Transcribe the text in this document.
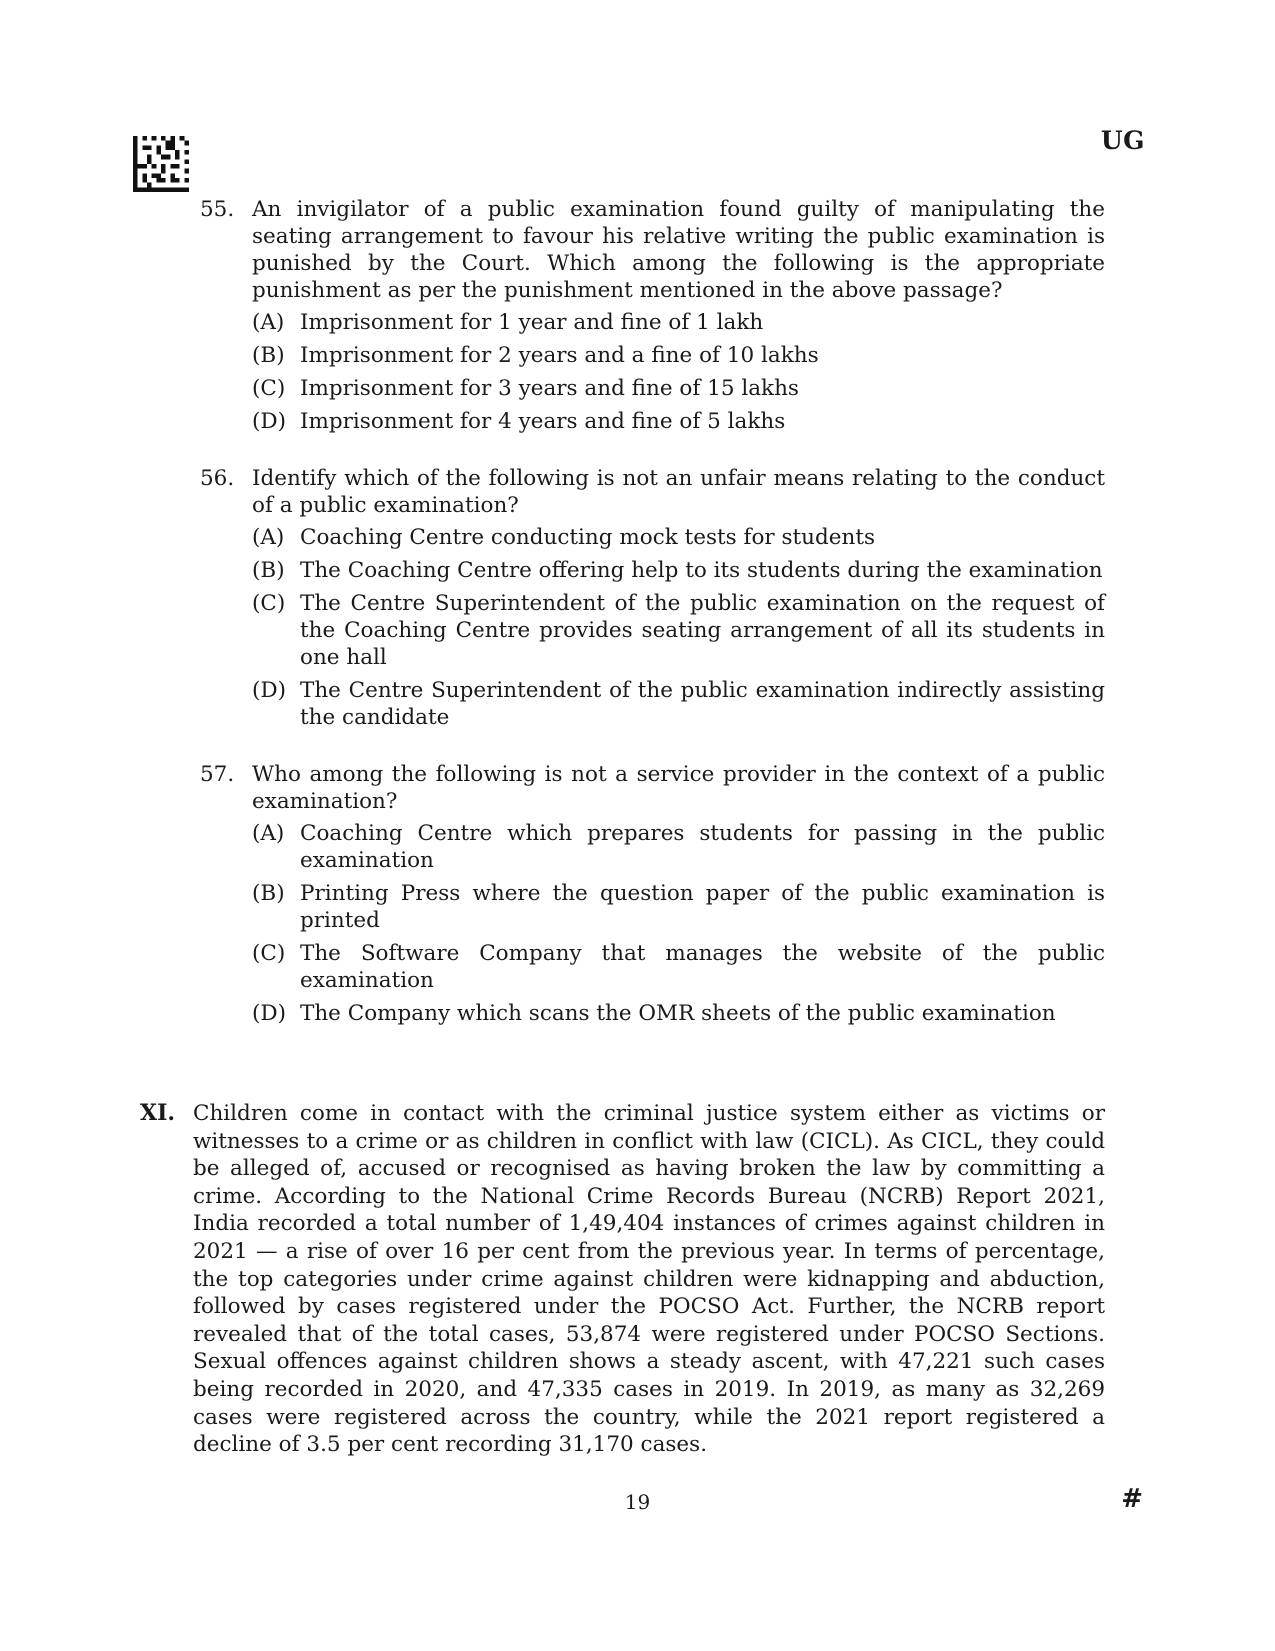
UG
55. An invigilator of a public examination found guilty of manipulating the seating arrangement to favour his relative writing the public examination is punished by the Court. Which among the following is the appropriate punishment as per the punishment mentioned in the above passage?
(A) Imprisonment for 1 year and fine of 1 lakh
(B) Imprisonment for 2 years and a fine of 10 lakhs
(C) Imprisonment for 3 years and fine of 15 lakhs
(D) Imprisonment for 4 years and fine of 5 lakhs
56. Identify which of the following is not an unfair means relating to the conduct of a public examination?
(A) Coaching Centre conducting mock tests for students
(B) The Coaching Centre offering help to its students during the examination
(C) The Centre Superintendent of the public examination on the request of the Coaching Centre provides seating arrangement of all its students in one hall
(D) The Centre Superintendent of the public examination indirectly assisting the candidate
57. Who among the following is not a service provider in the context of a public examination?
(A) Coaching Centre which prepares students for passing in the public examination
(B) Printing Press where the question paper of the public examination is printed
(C) The Software Company that manages the website of the public examination
(D) The Company which scans the OMR sheets of the public examination
XI. Children come in contact with the criminal justice system either as victims or witnesses to a crime or as children in conflict with law (CICL). As CICL, they could be alleged of, accused or recognised as having broken the law by committing a crime. According to the National Crime Records Bureau (NCRB) Report 2021, India recorded a total number of 1,49,404 instances of crimes against children in 2021 — a rise of over 16 per cent from the previous year. In terms of percentage, the top categories under crime against children were kidnapping and abduction, followed by cases registered under the POCSO Act. Further, the NCRB report revealed that of the total cases, 53,874 were registered under POCSO Sections. Sexual offences against children shows a steady ascent, with 47,221 such cases being recorded in 2020, and 47,335 cases in 2019. In 2019, as many as 32,269 cases were registered across the country, while the 2021 report registered a decline of 3.5 per cent recording 31,170 cases.
19	#
